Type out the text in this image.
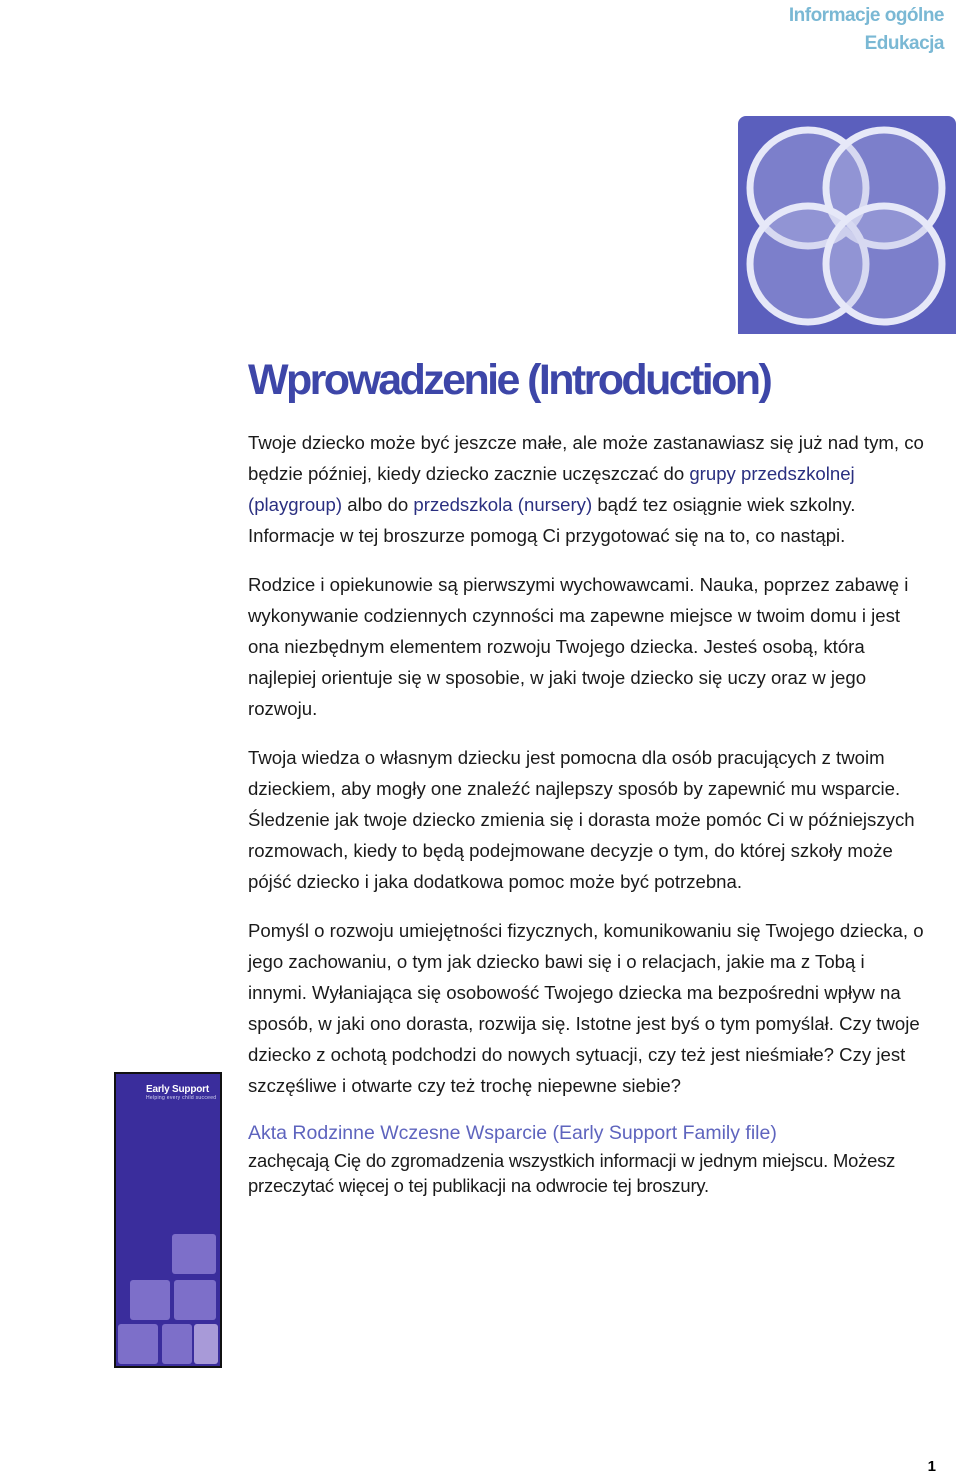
Informacje ogólne
Edukacja
Wprowadzenie (Introduction)

Twoje dziecko może być jeszcze małe, ale może zastanawiasz się już nad tym, co będzie później, kiedy dziecko zacznie uczęszczać do grupy przedszkolnej (playgroup) albo do przedszkola (nursery) bądź tez osiągnie wiek szkolny. Informacje w tej broszurze pomogą Ci przygotować się na to, co nastąpi.

Rodzice i opiekunowie są pierwszymi wychowawcami. Nauka, poprzez zabawę i wykonywanie codziennych czynności ma zapewne miejsce w twoim domu i jest ona niezbędnym elementem rozwoju Twojego dziecka. Jesteś osobą, która najlepiej orientuje się w sposobie, w jaki twoje dziecko się uczy oraz w jego rozwoju.

Twoja wiedza o własnym dziecku jest pomocna dla osób pracujących z twoim dzieckiem, aby mogły one znaleźć najlepszy sposób by zapewnić mu wsparcie. Śledzenie jak twoje dziecko zmienia się i dorasta może pomóc Ci w późniejszych rozmowach, kiedy to będą podejmowane decyzje o tym, do której szkoły może pójść dziecko i jaka dodatkowa pomoc może być potrzebna.

Pomyśl o rozwoju umiejętności fizycznych, komunikowaniu się Twojego dziecka, o jego zachowaniu, o tym jak dziecko bawi się i o relacjach, jakie ma z Tobą i innymi. Wyłaniająca się osobowość Twojego dziecka ma bezpośredni wpływ na sposób, w jaki ono dorasta, rozwija się. Istotne jest byś o tym pomyślał. Czy twoje dziecko z ochotą podchodzi do nowych sytuacji, czy też jest nieśmiałe? Czy jest szczęśliwe i otwarte czy też trochę niepewne siebie?

Akta Rodzinne Wczesne Wsparcie (Early Support Family file)
zachęcają Cię do zgromadzenia wszystkich informacji w jednym miejscu. Możesz przeczytać więcej o tej publikacji na odwrocie tej broszury.

Early Support
Helping every child succeed
1
